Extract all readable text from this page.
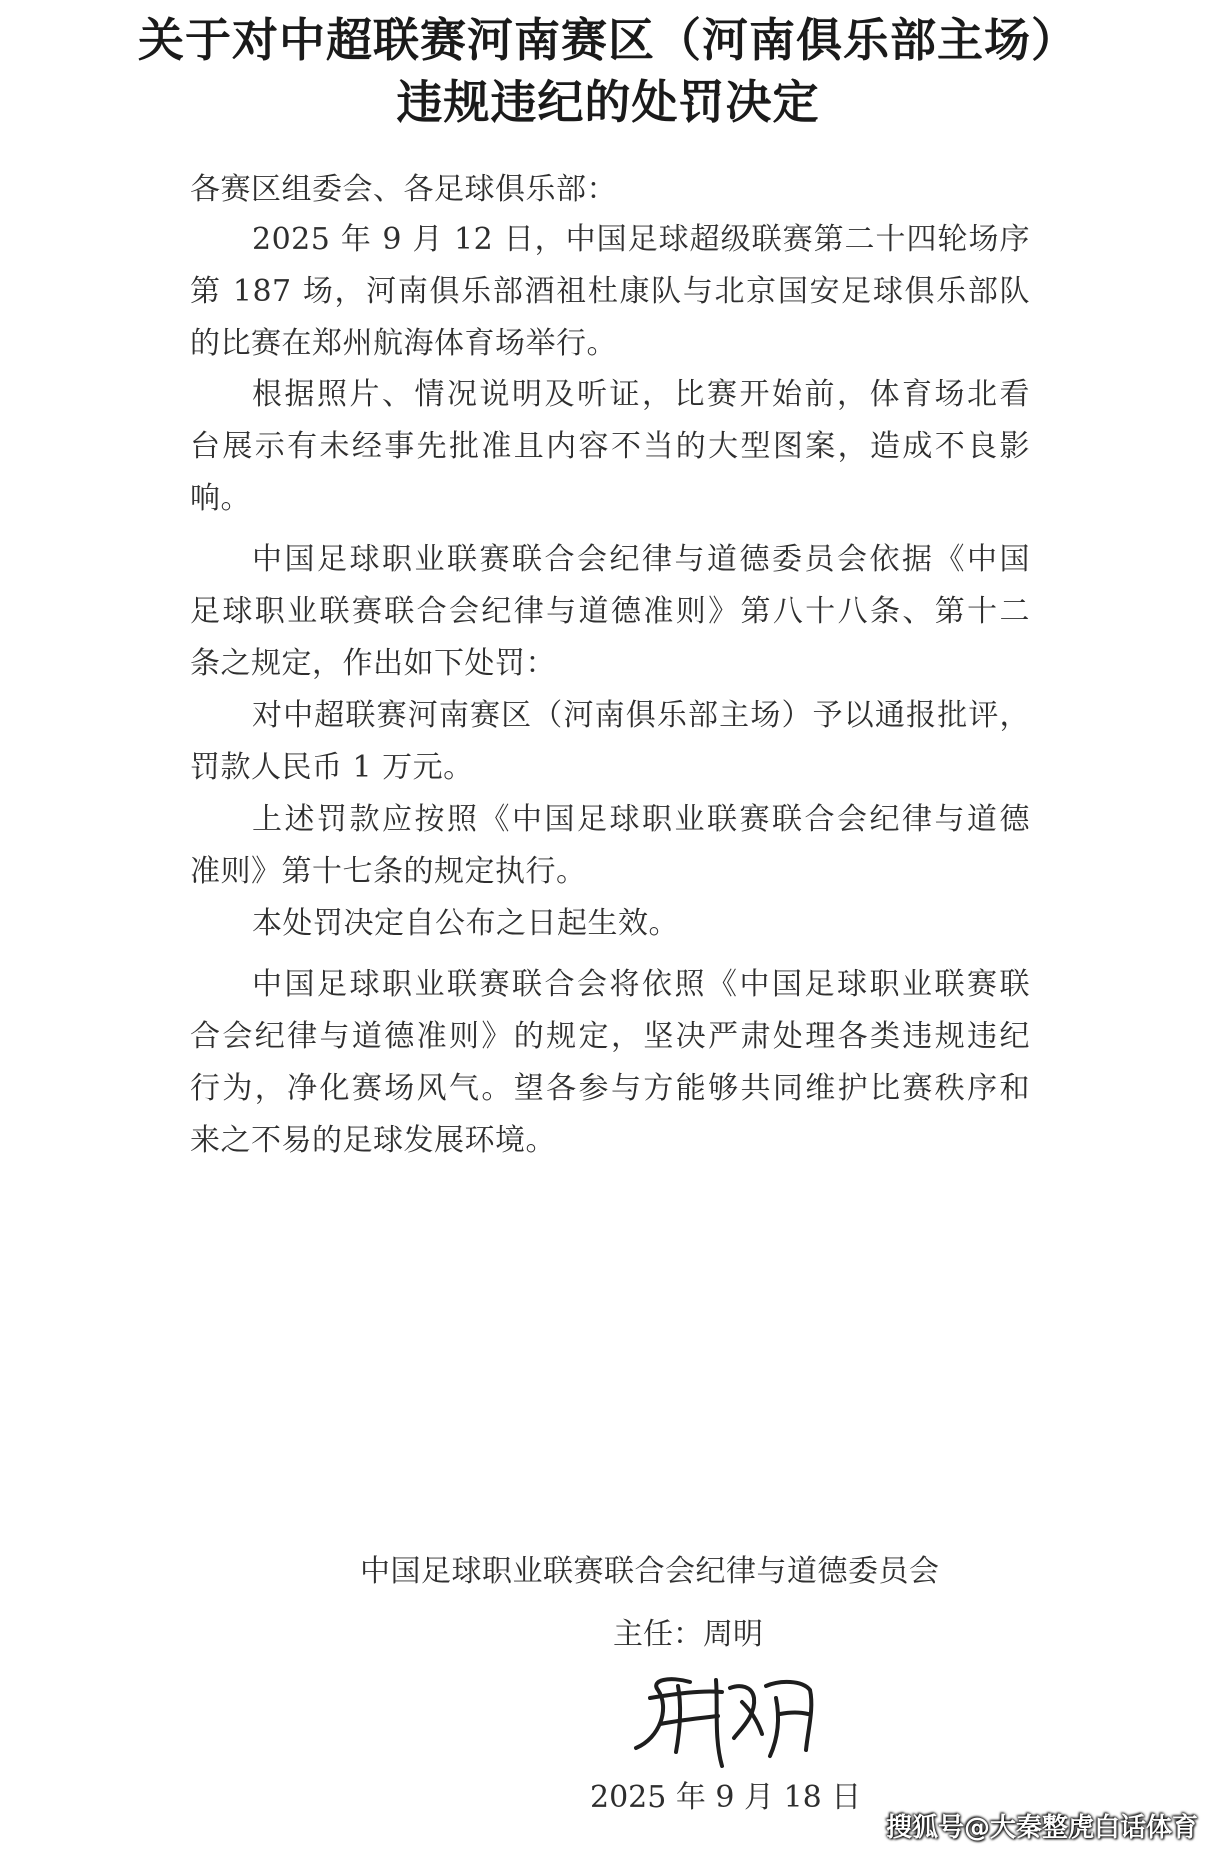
关于对中超联赛河南赛区（河南俱乐部主场）
违规违纪的处罚决定

各赛区组委会、各足球俱乐部：

2025 年 9 月 12 日，中国足球超级联赛第二十四轮场序

第 187 场，河南俱乐部酒祖杜康队与北京国安足球俱乐部队

的比赛在郑州航海体育场举行。

根据照片、情况说明及听证，比赛开始前，体育场北看

台展示有未经事先批准且内容不当的大型图案，造成不良影

响。

中国足球职业联赛联合会纪律与道德委员会依据《中国

足球职业联赛联合会纪律与道德准则》第八十八条、第十二

条之规定，作出如下处罚：

对中超联赛河南赛区（河南俱乐部主场）予以通报批评，

罚款人民币 1 万元。

上述罚款应按照《中国足球职业联赛联合会纪律与道德

准则》第十七条的规定执行。

本处罚决定自公布之日起生效。

中国足球职业联赛联合会将依照《中国足球职业联赛联

合会纪律与道德准则》的规定，坚决严肃处理各类违规违纪

行为，净化赛场风气。望各参与方能够共同维护比赛秩序和

来之不易的足球发展环境。

中国足球职业联赛联合会纪律与道德委员会

主任：周明

2025 年 9 月 18 日

搜狐号@大秦整虎白话体育
